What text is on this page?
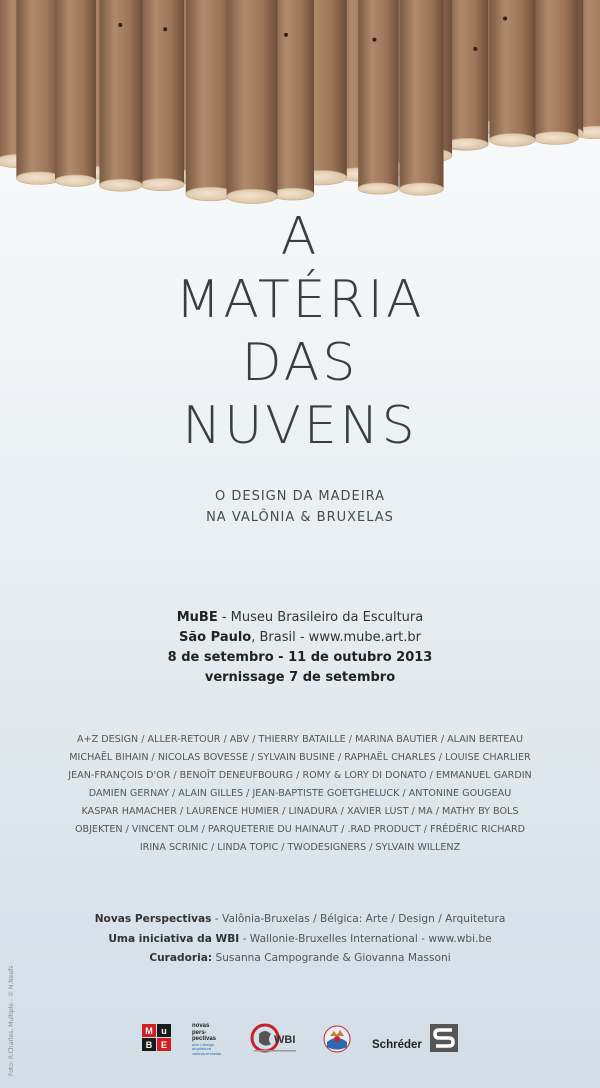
A
MATÉRIA
DAS
NUVENS
O DESIGN DA MADEIRA
NA VALÔNIA & BRUXELAS
MuBE - Museu Brasileiro da Escultura
São Paulo, Brasil - www.mube.art.br
8 de setembro - 11 de outubro 2013
vernissage 7 de setembro
A+Z DESIGN / ALLER-RETOUR / ABV / THIERRY BATAILLE / MARINA BAUTIER / ALAIN BERTEAU
MICHAËL BIHAIN / NICOLAS BOVESSE / SYLVAIN BUSINE / RAPHAËL CHARLES / LOUISE CHARLIER
JEAN-FRANÇOIS D'OR / BENOÎT DENEUFBOURG / ROMY & LORY DI DONATO / EMMANUEL GARDIN
DAMIEN GERNAY / ALAIN GILLES / JEAN-BAPTISTE GOETGHELUCK / ANTONINE GOUGEAU
KASPAR HAMACHER / LAURENCE HUMIER / LINADURA / XAVIER LUST / MA / MATHY BY BOLS
OBJEKTEN / VINCENT OLM / PARQUETERIE DU HAINAUT / .RAD PRODUCT / FRÉDÉRIC RICHARD
IRINA SCRINIC / LINDA TOPIC / TWODESIGNERS / SYLVAIN WILLENZ
Novas Perspectivas - Valônia-Bruxelas / Bélgica: Arte / Design / Arquitetura
Uma iniciativa da WBI - Wallonie-Bruxelles International - www.wbi.be
Curadoria: Susanna Campogrande & Giovanna Massoni
Foto: R.Charles, Multiple - © N.Neefs	M u
B E
novas
pers-
pectivas
arte / design
arquitetura
valônia-bruxelas
WBI	Schréder
